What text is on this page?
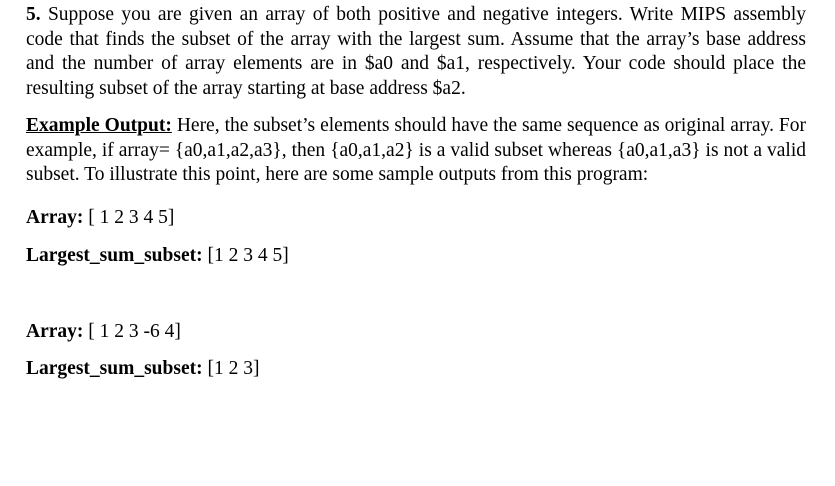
5. Suppose you are given an array of both positive and negative integers. Write MIPS assembly code that finds the subset of the array with the largest sum. Assume that the array’s base address and the number of array elements are in $a0 and $a1, respectively. Your code should place the resulting subset of the array starting at base address $a2.

Example Output: Here, the subset’s elements should have the same sequence as original array. For example, if array= {a0,a1,a2,a3}, then {a0,a1,a2} is a valid subset whereas {a0,a1,a3} is not a valid subset. To illustrate this point, here are some sample outputs from this program:

Array: [ 1 2 3 4 5]
Largest_sum_subset: [1 2 3 4 5]
Array: [ 1 2 3 -6 4]
Largest_sum_subset: [1 2 3]
